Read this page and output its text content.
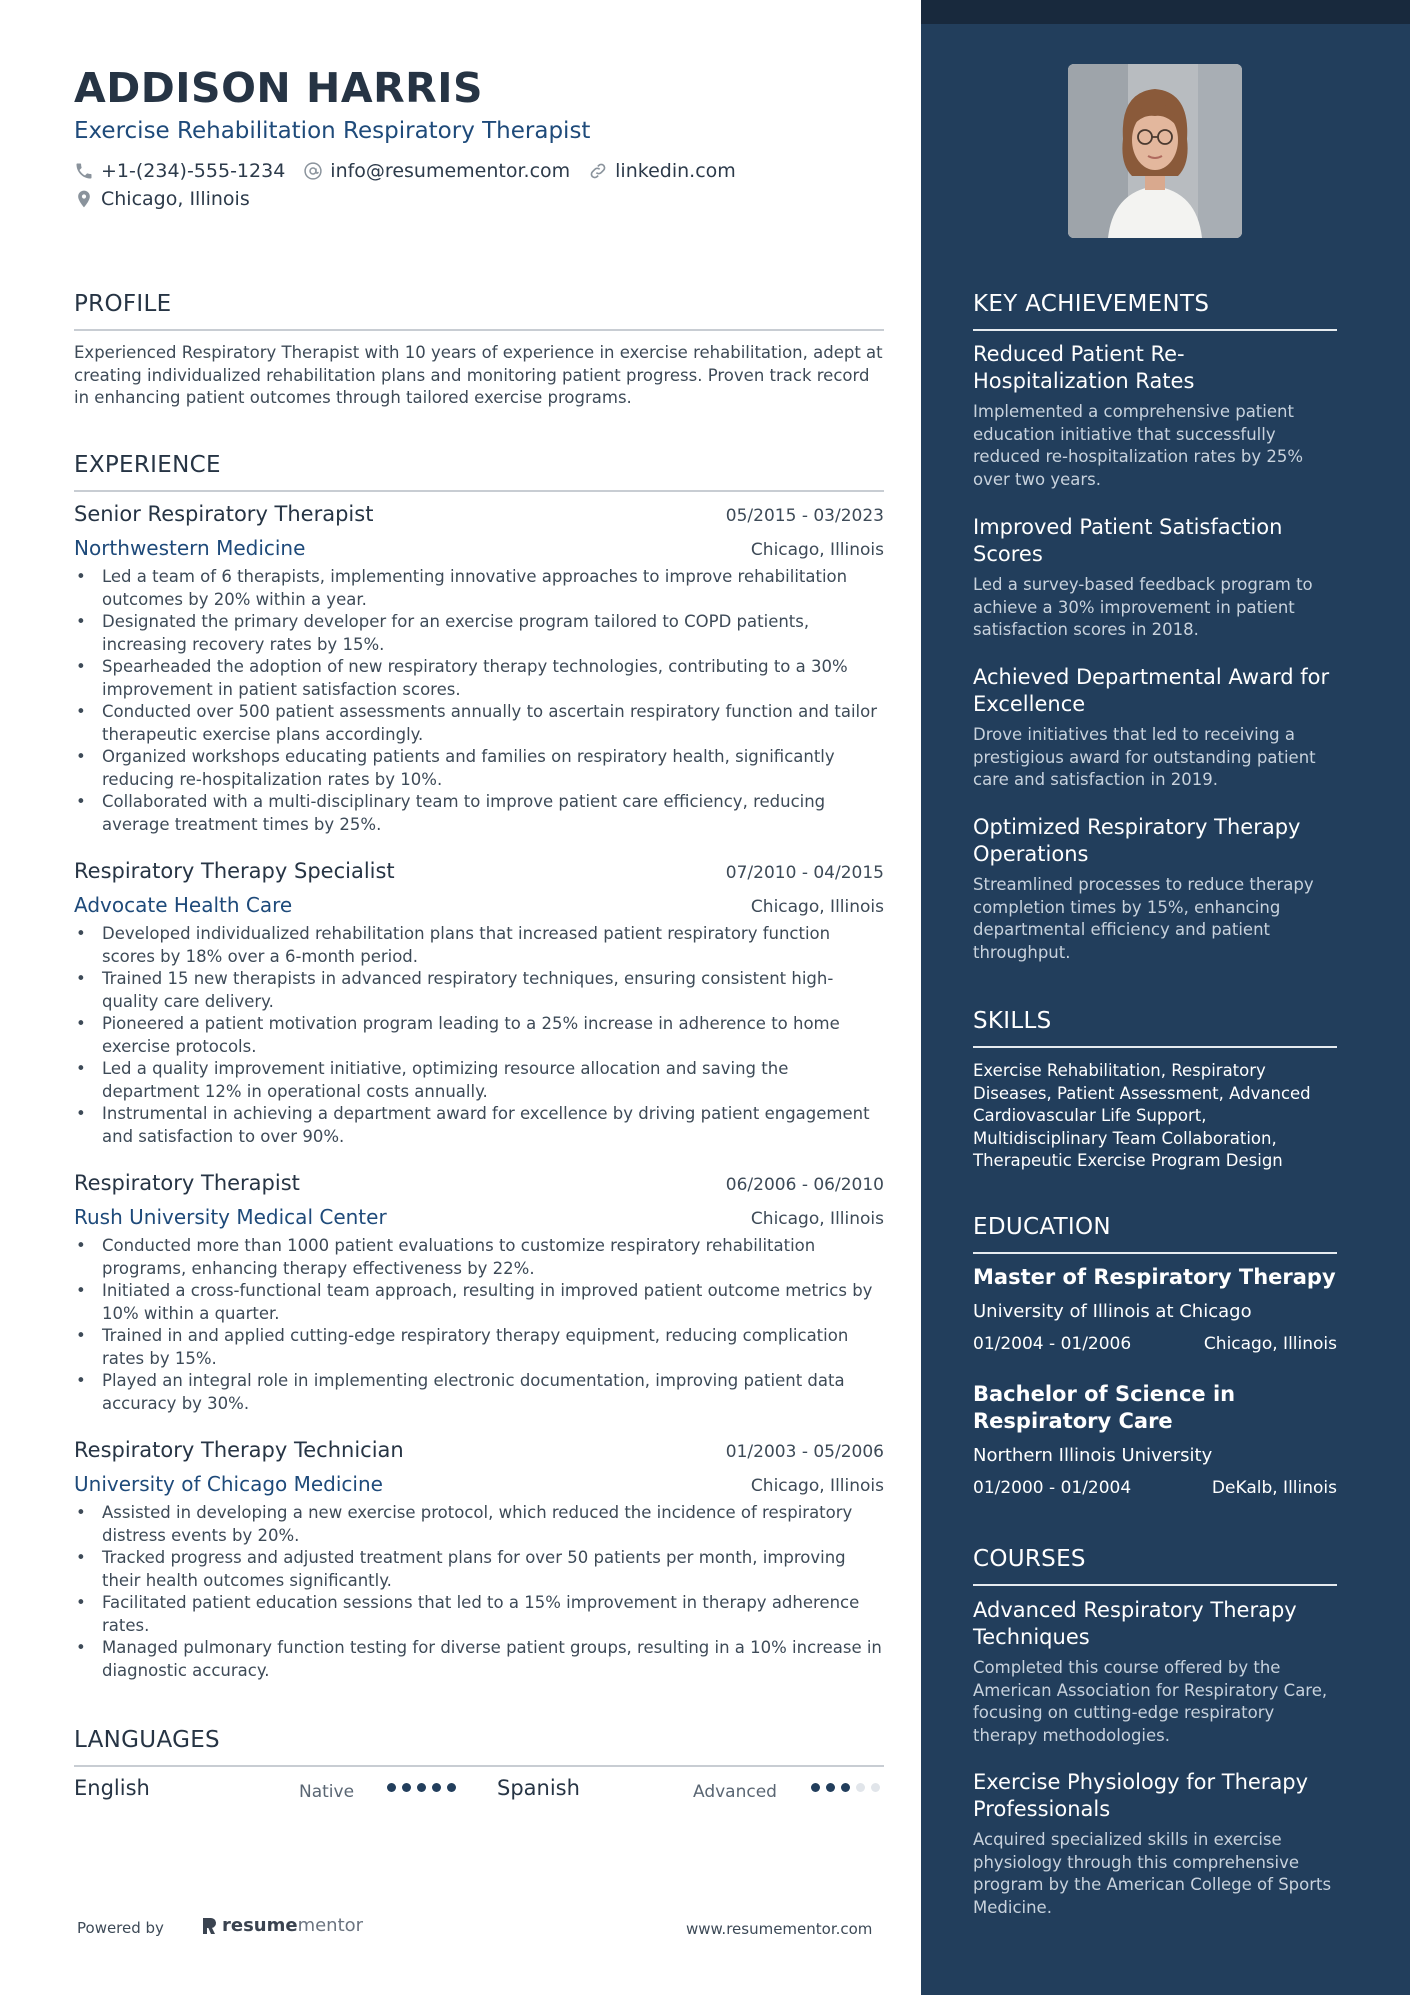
ADDISON HARRIS
Exercise Rehabilitation Respiratory Therapist
+1-(234)-555-1234 info@resumementor.com linkedin.com
Chicago, Illinois
PROFILE
Experienced Respiratory Therapist with 10 years of experience in exercise rehabilitation, adept at creating individualized rehabilitation plans and monitoring patient progress. Proven track record in enhancing patient outcomes through tailored exercise programs.
EXPERIENCE
Senior Respiratory Therapist	05/2015 - 03/2023
Northwestern Medicine	Chicago, Illinois
• Led a team of 6 therapists, implementing innovative approaches to improve rehabilitation outcomes by 20% within a year.
• Designated the primary developer for an exercise program tailored to COPD patients, increasing recovery rates by 15%.
• Spearheaded the adoption of new respiratory therapy technologies, contributing to a 30% improvement in patient satisfaction scores.
• Conducted over 500 patient assessments annually to ascertain respiratory function and tailor therapeutic exercise plans accordingly.
• Organized workshops educating patients and families on respiratory health, significantly reducing re-hospitalization rates by 10%.
• Collaborated with a multi-disciplinary team to improve patient care efficiency, reducing average treatment times by 25%.
Respiratory Therapy Specialist	07/2010 - 04/2015
Advocate Health Care	Chicago, Illinois
• Developed individualized rehabilitation plans that increased patient respiratory function scores by 18% over a 6-month period.
• Trained 15 new therapists in advanced respiratory techniques, ensuring consistent high-quality care delivery.
• Pioneered a patient motivation program leading to a 25% increase in adherence to home exercise protocols.
• Led a quality improvement initiative, optimizing resource allocation and saving the department 12% in operational costs annually.
• Instrumental in achieving a department award for excellence by driving patient engagement and satisfaction to over 90%.
Respiratory Therapist	06/2006 - 06/2010
Rush University Medical Center	Chicago, Illinois
• Conducted more than 1000 patient evaluations to customize respiratory rehabilitation programs, enhancing therapy effectiveness by 22%.
• Initiated a cross-functional team approach, resulting in improved patient outcome metrics by 10% within a quarter.
• Trained in and applied cutting-edge respiratory therapy equipment, reducing complication rates by 15%.
• Played an integral role in implementing electronic documentation, improving patient data accuracy by 30%.
Respiratory Therapy Technician	01/2003 - 05/2006
University of Chicago Medicine	Chicago, Illinois
• Assisted in developing a new exercise protocol, which reduced the incidence of respiratory distress events by 20%.
• Tracked progress and adjusted treatment plans for over 50 patients per month, improving their health outcomes significantly.
• Facilitated patient education sessions that led to a 15% improvement in therapy adherence rates.
• Managed pulmonary function testing for diverse patient groups, resulting in a 10% increase in diagnostic accuracy.
LANGUAGES
English	Native	Spanish	Advanced
Powered by	resume mentor	www.resumementor.com
KEY ACHIEVEMENTS
Reduced Patient Re-Hospitalization Rates
Implemented a comprehensive patient education initiative that successfully reduced re-hospitalization rates by 25% over two years.
Improved Patient Satisfaction Scores
Led a survey-based feedback program to achieve a 30% improvement in patient satisfaction scores in 2018.
Achieved Departmental Award for Excellence
Drove initiatives that led to receiving a prestigious award for outstanding patient care and satisfaction in 2019.
Optimized Respiratory Therapy Operations
Streamlined processes to reduce therapy completion times by 15%, enhancing departmental efficiency and patient throughput.
SKILLS
Exercise Rehabilitation, Respiratory Diseases, Patient Assessment, Advanced Cardiovascular Life Support, Multidisciplinary Team Collaboration, Therapeutic Exercise Program Design
EDUCATION
Master of Respiratory Therapy
University of Illinois at Chicago
01/2004 - 01/2006	Chicago, Illinois
Bachelor of Science in Respiratory Care
Northern Illinois University
01/2000 - 01/2004	DeKalb, Illinois
COURSES
Advanced Respiratory Therapy Techniques
Completed this course offered by the American Association for Respiratory Care, focusing on cutting-edge respiratory therapy methodologies.
Exercise Physiology for Therapy Professionals
Acquired specialized skills in exercise physiology through this comprehensive program by the American College of Sports Medicine.
